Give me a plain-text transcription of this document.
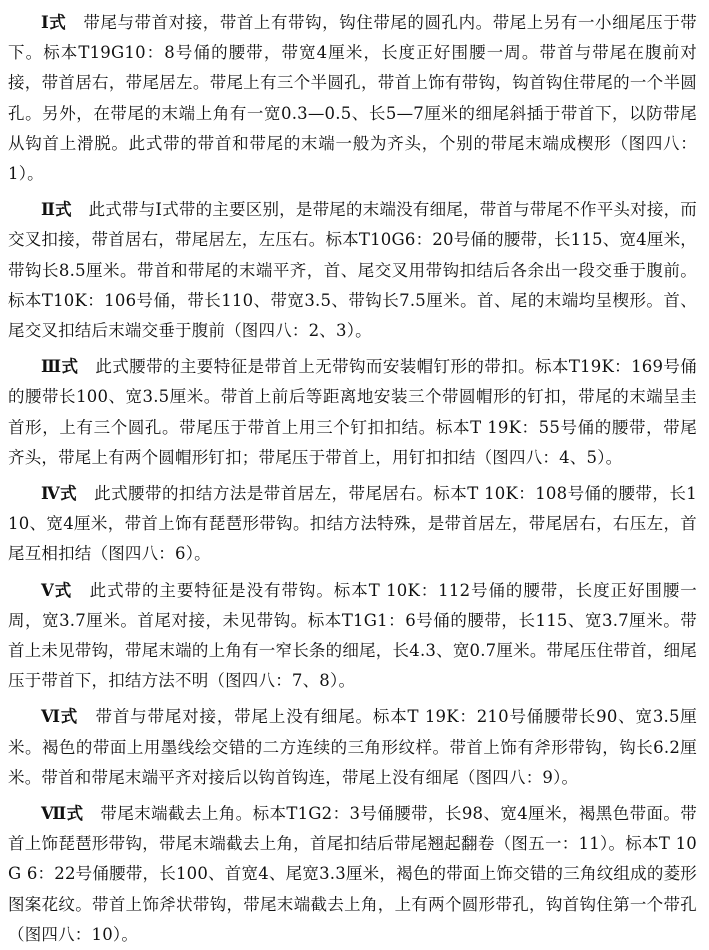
Ⅰ式　 带尾与带首对接，带首上有带钩，钩住带尾的圆孔内。带尾上另有一小细尾压于带下。标本T19G10：8号俑的腰带，带宽4厘米，长度正好围腰一周。带首与带尾在腹前对接，带首居右，带尾居左。带尾上有三个半圆孔，带首上饰有带钩，钩首钩住带尾的一个半圆孔。另外，在带尾的末端上角有一宽0.3—0.5、长5—7厘米的细尾斜插于带首下，以防带尾从钩首上滑脱。此式带的带首和带尾的末端一般为齐头，个别的带尾末端成楔形（图四八：1）。

Ⅱ式　 此式带与Ⅰ式带的主要区别，是带尾的末端没有细尾，带首与带尾不作平头对接，而交叉扣接，带首居右，带尾居左，左压右。标本T10G6：20号俑的腰带，长115、宽4厘米，带钩长8.5厘米。带首和带尾的末端平齐，首、尾交叉用带钩扣结后各余出一段交垂于腹前。标本T10K：106号俑，带长110、带宽3.5、带钩长7.5厘米。首、尾的末端均呈楔形。首、尾交叉扣结后末端交垂于腹前（图四八：2、3）。

Ⅲ式　 此式腰带的主要特征是带首上无带钩而安装帽钉形的带扣。标本T19K：169号俑的腰带长100、宽3.5厘米。带首上前后等距离地安装三个带圆帽形的钉扣，带尾的末端呈圭首形，上有三个圆孔。带尾压于带首上用三个钉扣扣结。标本T 19K：55号俑的腰带，带尾齐头，带尾上有两个圆帽形钉扣；带尾压于带首上，用钉扣扣结（图四八：4、5）。

Ⅳ式　 此式腰带的扣结方法是带首居左，带尾居右。标本T 10K：108号俑的腰带，长110、宽4厘米，带首上饰有琵琶形带钩。扣结方法特殊，是带首居左，带尾居右，右压左，首尾互相扣结（图四八：6）。

Ⅴ式　 此式带的主要特征是没有带钩。标本T 10K：112号俑的腰带，长度正好围腰一周，宽3.7厘米。首尾对接，未见带钩。标本T1G1：6号俑的腰带，长115、宽3.7厘米。带首上未见带钩，带尾末端的上角有一窄长条的细尾，长4.3、宽0.7厘米。带尾压住带首，细尾压于带首下，扣结方法不明（图四八：7、8）。

Ⅵ式　 带首与带尾对接，带尾上没有细尾。标本T 19K：210号俑腰带长90、宽3.5厘米。褐色的带面上用墨线绘交错的二方连续的三角形纹样。带首上饰有斧形带钩，钩长6.2厘米。带首和带尾末端平齐对接后以钩首钩连，带尾上没有细尾（图四八：9）。

Ⅶ式　 带尾末端截去上角。标本T1G2：3号俑腰带，长98、宽4厘米，褐黑色带面。带首上饰琵琶形带钩，带尾末端截去上角，首尾扣结后带尾翘起翻卷（图五一：11）。标本T 10G 6：22号俑腰带，长100、首宽4、尾宽3.3厘米，褐色的带面上饰交错的三角纹组成的菱形图案花纹。带首上饰斧状带钩，带尾末端截去上角，上有两个圆形带孔，钩首钩住第一个带孔（图四八：10）。
